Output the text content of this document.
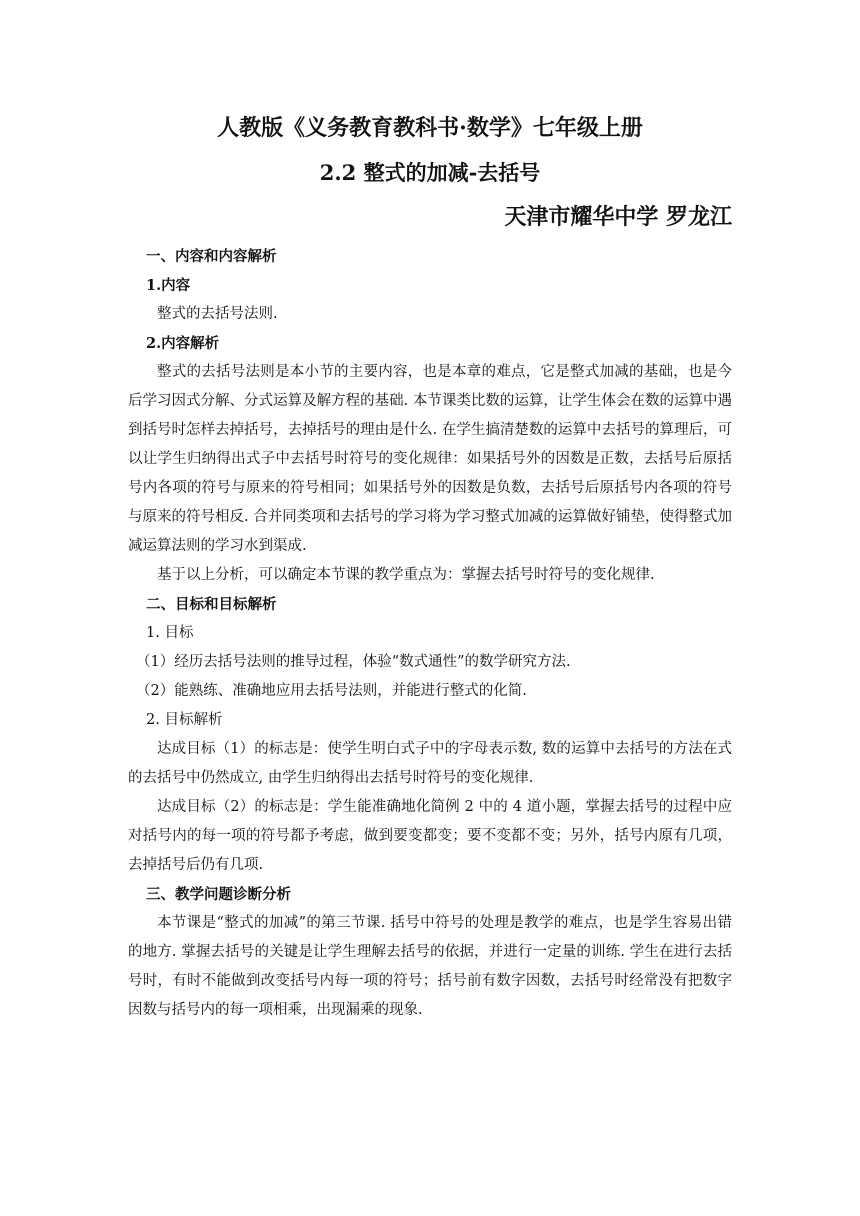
人教版《义务教育教科书·数学》七年级上册
2.2 整式的加减-去括号
天津市耀华中学 罗龙江
一、内容和内容解析
1.内容
整式的去括号法则.
2.内容解析
整式的去括号法则是本小节的主要内容，也是本章的难点，它是整式加减的基础，也是今后学习因式分解、分式运算及解方程的基础. 本节课类比数的运算，让学生体会在数的运算中遇到括号时怎样去掉括号，去掉括号的理由是什么. 在学生搞清楚数的运算中去括号的算理后，可以让学生归纳得出式子中去括号时符号的变化规律：如果括号外的因数是正数，去括号后原括号内各项的符号与原来的符号相同；如果括号外的因数是负数，去括号后原括号内各项的符号与原来的符号相反. 合并同类项和去括号的学习将为学习整式加减的运算做好铺垫，使得整式加减运算法则的学习水到渠成.
基于以上分析，可以确定本节课的教学重点为：掌握去括号时符号的变化规律.
二、目标和目标解析
1. 目标
（1）经历去括号法则的推导过程，体验“数式通性”的数学研究方法.
（2）能熟练、准确地应用去括号法则，并能进行整式的化简.
2. 目标解析
达成目标（1）的标志是：使学生明白式子中的字母表示数, 数的运算中去括号的方法在式的去括号中仍然成立, 由学生归纳得出去括号时符号的变化规律.
达成目标（2）的标志是：学生能准确地化简例 2 中的 4 道小题，掌握去括号的过程中应对括号内的每一项的符号都予考虑，做到要变都变；要不变都不变；另外，括号内原有几项，去掉括号后仍有几项.
三、教学问题诊断分析
本节课是“整式的加减”的第三节课. 括号中符号的处理是教学的难点，也是学生容易出错的地方. 掌握去括号的关键是让学生理解去括号的依据，并进行一定量的训练. 学生在进行去括号时，有时不能做到改变括号内每一项的符号；括号前有数字因数，去括号时经常没有把数字因数与括号内的每一项相乘，出现漏乘的现象.
